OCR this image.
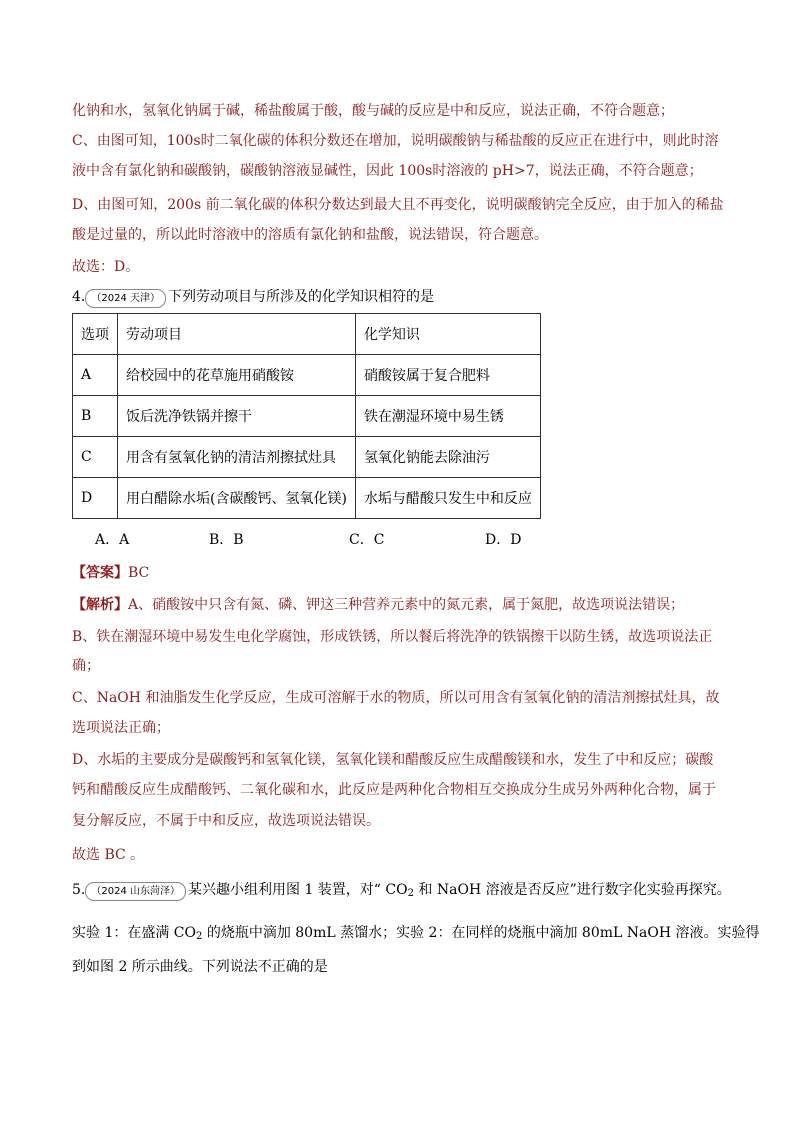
化钠和水，氢氧化钠属于碱，稀盐酸属于酸，酸与碱的反应是中和反应，说法正确，不符合题意；
C、由图可知，100s时二氧化碳的体积分数还在增加，说明碳酸钠与稀盐酸的反应正在进行中，则此时溶
液中含有氯化钠和碳酸钠，碳酸钠溶液显碱性，因此 100s时溶液的 pH>7，说法正确，不符合题意；
D、由图可知，200s 前二氧化碳的体积分数达到最大且不再变化，说明碳酸钠完全反应，由于加入的稀盐
酸是过量的，所以此时溶液中的溶质有氯化钠和盐酸，说法错误，符合题意。
故选：D。
4. （2024 天津） 下列劳动项目与所涉及的化学知识相符的是
选项	劳动项目	化学知识
A	给校园中的花草施用硝酸铵	硝酸铵属于复合肥料
B	饭后洗净铁锅并擦干	铁在潮湿环境中易生锈
C	用含有氢氧化钠的清洁剂擦拭灶具	氢氧化钠能去除油污
D	用白醋除水垢(含碳酸钙、氢氧化镁)	水垢与醋酸只发生中和反应
A．A	B．B	C．C	D．D
【答案】BC
【解析】A、硝酸铵中只含有氮、磷、钾这三种营养元素中的氮元素，属于氮肥，故选项说法错误；
B、铁在潮湿环境中易发生电化学腐蚀，形成铁锈，所以餐后将洗净的铁锅擦干以防生锈，故选项说法正
确；
C、NaOH 和油脂发生化学反应，生成可溶解于水的物质，所以可用含有氢氧化钠的清洁剂擦拭灶具，故
选项说法正确；
D、水垢的主要成分是碳酸钙和氢氧化镁，氢氧化镁和醋酸反应生成醋酸镁和水，发生了中和反应；碳酸
钙和醋酸反应生成醋酸钙、二氧化碳和水，此反应是两种化合物相互交换成分生成另外两种化合物，属于
复分解反应，不属于中和反应，故选项说法错误。
故选 BC 。
5. （2024 山东菏泽） 某兴趣小组利用图 1 装置，对“ $CO_2$ 和 NaOH 溶液是否反应”进行数字化实验再探究。
实验 1：在盛满 $CO_2$ 的烧瓶中滴加 80mL 蒸馏水；实验 2：在同样的烧瓶中滴加 80mL NaOH 溶液。实验得
到如图 2 所示曲线。下列说法不正确的是
